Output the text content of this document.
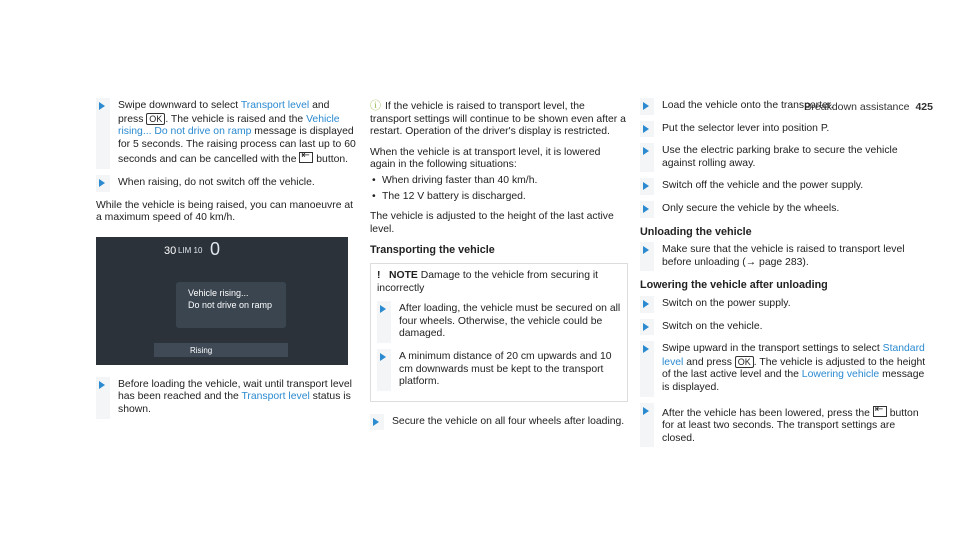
Breakdown assistance 425

Swipe downward to select Transport level and press OK . The vehicle is raised and the Vehicle rising... Do not drive on ramp message is displayed for 5 seconds. The raising process can last up to 60 seconds and can be cancelled with the ⇤ button.

When raising, do not switch off the vehicle.

While the vehicle is being raised, you can manoeuvre at a maximum speed of 40 km/h.

30 LIM 10 0
Vehicle rising...
Do not drive on ramp
Rising

Before loading the vehicle, wait until transport level has been reached and the Transport level status is shown.

ⓘ If the vehicle is raised to transport level, the transport settings will continue to be shown even after a restart. Operation of the driver's display is restricted.

When the vehicle is at transport level, it is lowered again in the following situations:

• When driving faster than 40 km/h.
• The 12 V battery is discharged.

The vehicle is adjusted to the height of the last active level.

Transporting the vehicle

! NOTE Damage to the vehicle from securing it incorrectly

After loading, the vehicle must be secured on all four wheels. Otherwise, the vehicle could be damaged.

A minimum distance of 20 cm upwards and 10 cm downwards must be kept to the transport platform.

Secure the vehicle on all four wheels after loading.

Load the vehicle onto the transporter.

Put the selector lever into position P.

Use the electric parking brake to secure the vehicle against rolling away.

Switch off the vehicle and the power supply.

Only secure the vehicle by the wheels.

Unloading the vehicle

Make sure that the vehicle is raised to transport level before unloading (→ page 283).

Lowering the vehicle after unloading

Switch on the power supply.

Switch on the vehicle.

Swipe upward in the transport settings to select Standard level and press OK . The vehicle is adjusted to the height of the last active level and the Lowering vehicle message is displayed.

After the vehicle has been lowered, press the ⇤ button for at least two seconds. The transport settings are closed.
